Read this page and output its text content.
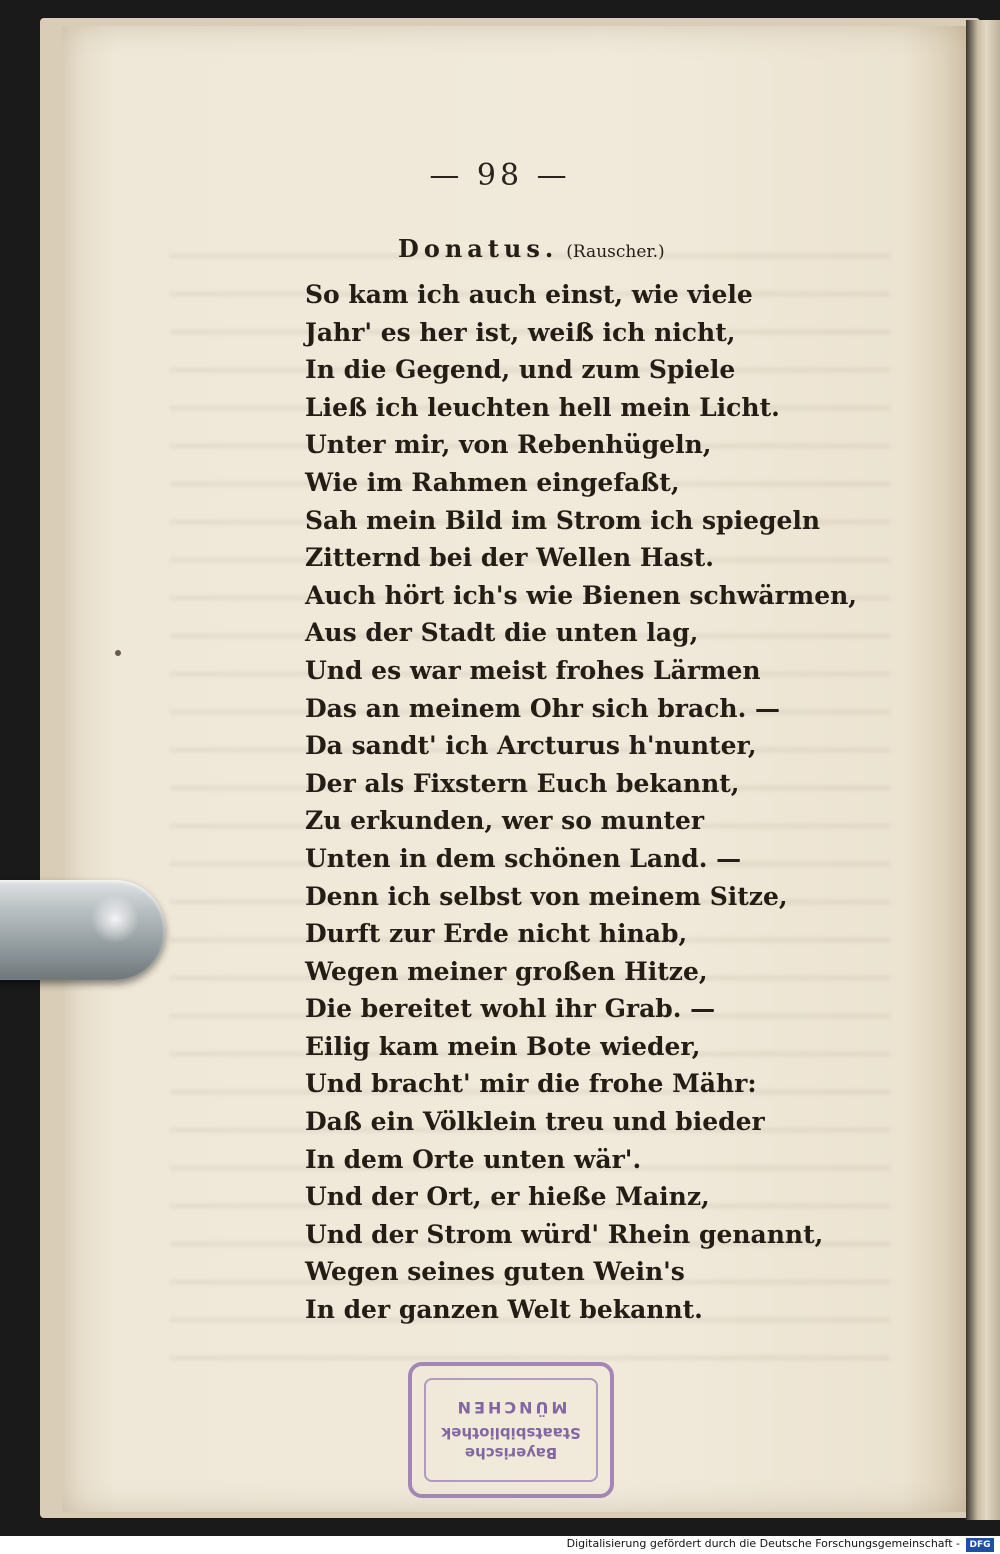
— 98 —
Donatus. (Rauscher.)
So kam ich auch einst, wie viele
Jahr' es her ist, weiß ich nicht,
In die Gegend, und zum Spiele
Ließ ich leuchten hell mein Licht.
Unter mir, von Rebenhügeln,
Wie im Rahmen eingefaßt,
Sah mein Bild im Strom ich spiegeln
Zitternd bei der Wellen Hast.
Auch hört ich's wie Bienen schwärmen,
Aus der Stadt die unten lag,
Und es war meist frohes Lärmen
Das an meinem Ohr sich brach. —
Da sandt' ich Arcturus h'nunter,
Der als Fixstern Euch bekannt,
Zu erkunden, wer so munter
Unten in dem schönen Land. —
Denn ich selbst von meinem Sitze,
Durft zur Erde nicht hinab,
Wegen meiner großen Hitze,
Die bereitet wohl ihr Grab. —
Eilig kam mein Bote wieder,
Und bracht' mir die frohe Mähr:
Daß ein Völklein treu und bieder
In dem Orte unten wär'.
Und der Ort, er hieße Mainz,
Und der Strom würd' Rhein genannt,
Wegen seines guten Wein's
In der ganzen Welt bekannt.
Bayerische
Staatsbibliothek
MÜNCHEN
Digitalisierung gefördert durch die Deutsche Forschungsgemeinschaft -	DFG
